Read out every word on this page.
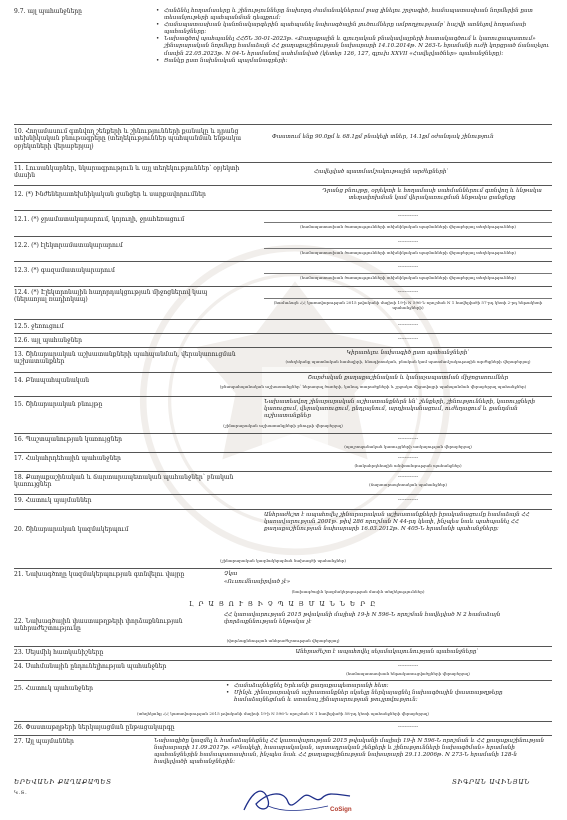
9.7. այլ պահանջները	• Հանձնել հողամասերը և շինությունները նախորդ ժամանակներում բաց լինելու շրջագիծ, համապատասխան նորմերին ըստ տեսանյութերի պահպանման դեպքում։
• Համապատասխան կանոնակարգերին պահպանել նախագծային լուծումները ամբողջությամբ՝ հաշվի առնելով հողամասի պահանջները։
• Նախագծով պահպանել ՀՀՇՆ 30-01-2023թ. «Քաղաքային և գյուղական բնակավայրերի հատակագծում և կառուցապատում» շինարարական նորմերը համաձայն ՀՀ քաղաքաշինության նախարարի 14.10.2014թ. N 263-Ն հրամանի ուժի կորցրած ճանաչելու մասին 22.05.2023թ. N 04-Ն հրամանով սահմանված (կետեր 126, 127, գլուխ XXVII «Հավելվածներ» պահանջները)։
• Ցանկը ըստ նախնական պայմանագրերի։
10. Հողամասում գտնվող շենքերի և շինությունների քանակը և դրանց տեխնիկական բնութագրերը (տեղեկություններ պահպանման ենթակա օբյեկտների վերաբերյալ)
Փաստում ենք 90.0քմ և 68.1քմ բնակելի տներ, 14.1քմ օժանդակ շինություն
11. Լուսանկարներ, նկարագրություն և այլ տեղեկություններ՝ օբյեկտի մասին
Հավելված պատմամշակութային արժեքների՝
12. (*) Ինժեներատեխնիկական ցանցեր և սարքավորումներ	Դրանց բնույթը, օբյեկտի և հողամասի սահմաններում գտնվող և ենթակա տեղափոխման կամ վերակառուցման ենթակա ցանցերը
12.1. (*) ջրամատակարարում, կոյուղի, ջրահեռացում	------------
(համապատասխան ծառայությունների տեխնիկական պայմանների վերաբերյալ տեղեկություններ)
12.2. (*) էլեկտրամատակարարում	------------
(համապատասխան ծառայությունների տեխնիկական պայմանների վերաբերյալ տեղեկություններ)
12.3. (*) գազամատակարարում	------------
(համապատասխան ծառայությունների տեխնիկական պայմանների վերաբերյալ տեղեկություններ)
12.4. (*) Էլեկտրոնային հաղորդակցության միջոցներով կապ (ներառյալ ռադիոկապ)
------------
(համաձայն ՀՀ կառավարության 2015 թվականի մայիսի 19-ի N 596-Ն որոշման N 1 հավելվածի 57-րդ կետի 2-րդ ենթակետի պահանջների)
12.5. ջեռուցում	------------
12.6. այլ պահանջներ	------------
13. Շինարարական աշխատանքների պահպանման, վերակառուցման աշխատանքներ
Կիրառելու նախագիծ ըստ պահանջների՝
(տեղեկանք պատմական համալիրի, հնագիտական, բնական կամ պատմամշակութային արժեքների վերաբերյալ)
14. Բնապահպանական	Շարժական քաղաքաշինական և կանաչապատման միջոցառումներ
(բնապահպանական աշխատանքներ՝ ներառյալ ծառերի, կանաչ տարածքների և շրջակա միջավայրի պահպանման վերաբերյալ պահանջներ)
15. Շինարարական բնույթը	Նախատեսվող շինարարական աշխատանքներն են՝ շենքերի, շինությունների, կառույցների կառուցում, վերակառուցում, ընդլայնում, արդիականացում, ուժեղացում և քանդման աշխատանքներ
(շինարարական աշխատանքների բնույթի վերաբերյալ)
16. Պաշտպանության կառույցներ	------------
(պաշտպանական կառույցների առկայության վերաբերյալ)
17. Հակահրդեհային պահանջներ	------------
(հակահրդեհային անվտանգության պահանջներ)
18. Քաղաքաշինական և ճարտարապետական պահանջներ՝ բնական կառույցներ
------------
(ճարտարապետական պահանջներ)
19. Հատուկ պայմաններ	------------
20. Շինարարական կազմակերպում
Անհրաժեշտ է ապահովել շինարարական աշխատանքների իրականացումը համաձայն ՀՀ կառավարության 2001թ. թիվ 286 որոշման N 44-րդ կետի, ինչպես նաև պահպանել ՀՀ քաղաքաշինության նախարարի 16.03.2012թ. N 405-Ն հրամանի պահանջները։
(շինարարական կազմակերպման նախագծի պահանջներ)
21. Նախագծողը կազմակերպության գտնվելու վայրը	Չկա
«Ուսումնասիրված չէ»
(նախագծային կազմակերպության մասին տեղեկություններ)
Լ Ր Ա Ց Ո Ւ Ց Ի Չ Պ Ա Յ Մ Ա Ն Ն Ե Ր Ը
22. Նախագծային փաստաթղթերի փորձաքննության անհրաժեշտությունը
ՀՀ կառավարության 2015 թվականի մայիսի 19-ի N 596-Ն որոշման հավելված N 2 համաձայն փորձաքննության ենթակա չէ
(փորձաքննության անհրաժեշտության վերաբերյալ)
23. Սեյսմիկ հատկանիշները	Անհրաժեշտ է ապահովել սեյսմակայունության պահանջները՝
24. Սահմանային ընդունելիության պահանջներ	------------
(համապատասխան ենթակառուցվածքների վերաբերյալ)
25. Հատուկ պահանջներ	• Համաձայնեցնել Երևանի քաղաքապետարանի հետ։
• Մինչև շինարարական աշխատանքներ սկսելը ներկայացնել նախագծային փաստաթղթերը համաձայնեցման և ստանալ շինարարության թույլտվություն։
(տեղեկանք ՀՀ կառավարության 2015 թվականի մայիսի 19-ի N 596-Ն որոշման N 1 հավելվածի 58-րդ կետի պահանջների վերաբերյալ)
26. Փաստաթղթերի ներկայացման ընթացակարգը	------------
27. Այլ պայմաններ	Նախագիծը կազմել և համաձայնեցնել ՀՀ կառավարության 2015 թվականի մայիսի 19-ի N 596-Ն որոշման և ՀՀ քաղաքաշինության նախարարի 11.09.2017թ. «Բնակելի, հասարակական, արտադրական շենքերի և շինությունների նախագծման» հրամանի պահանջներին համապատասխան, ինչպես նաև ՀՀ քաղաքաշինության նախարարի 29.11.2006թ. N 273-Ն հրամանի 128-ն հավելվածի պահանջներին։
ԵՐԵՎԱՆԻ ՔԱՂԱՔԱՊԵՏ	ՏԻԳՐԱՆ ԱՎԻՆՅԱՆ
Կ.Տ.
CoSign
